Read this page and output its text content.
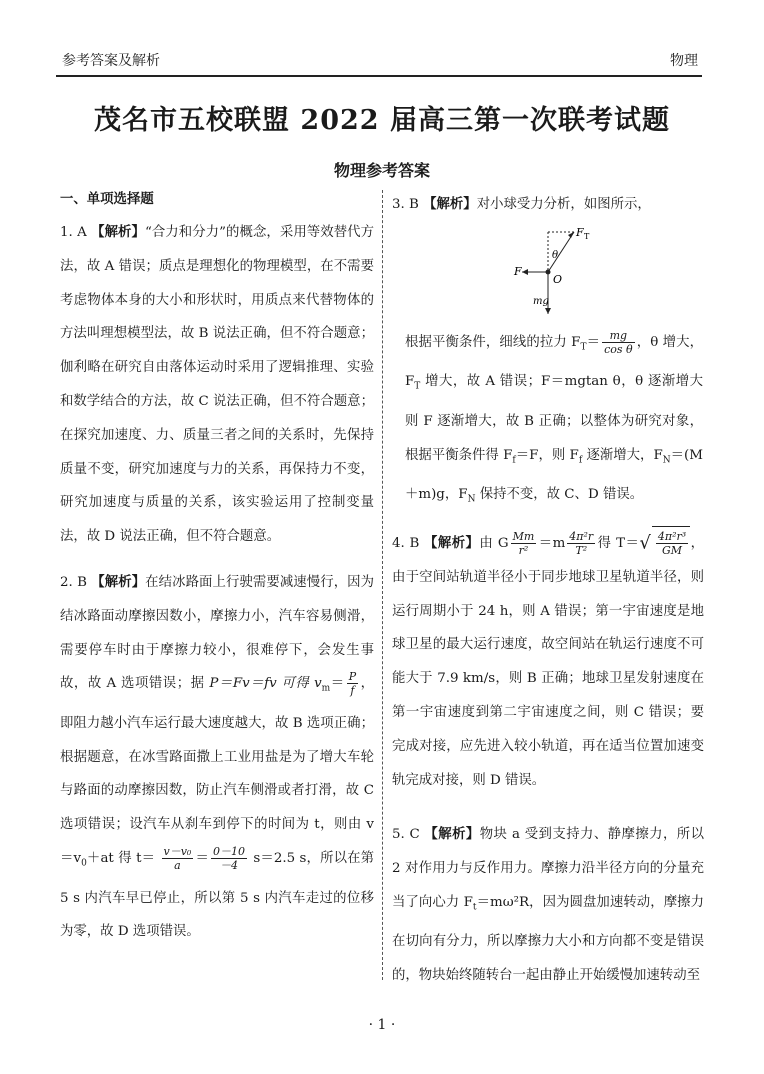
参考答案及解析	物理
茂名市五校联盟 2022 届高三第一次联考试题
物理参考答案
一、单项选择题
1. A 【解析】“合力和分力”的概念，采用等效替代方法，故 A 错误；质点是理想化的物理模型，在不需要考虑物体本身的大小和形状时，用质点来代替物体的方法叫理想模型法，故 B 说法正确，但不符合题意；伽利略在研究自由落体运动时采用了逻辑推理、实验和数学结合的方法，故 C 说法正确，但不符合题意；在探究加速度、力、质量三者之间的关系时，先保持质量不变，研究加速度与力的关系，再保持力不变，研究加速度与质量的关系，该实验运用了控制变量法，故 D 说法正确，但不符合题意。
2. B 【解析】在结冰路面上行驶需要减速慢行，因为结冰路面动摩擦因数小，摩擦力小，汽车容易侧滑，需要停车时由于摩擦力较小，很难停下，会发生事故，故 A 选项错误；据 P＝Fv＝fv 可得 $v_m= \frac{P}{f}$ ，即阻力越小汽车运行最大速度越大，故 B 选项正确；根据题意，在冰雪路面撒上工业用盐是为了增大车轮与路面的动摩擦因数，防止汽车侧滑或者打滑，故 C 选项错误；设汽车从刹车到停下的时间为 t，则由 $v=v_0+at$ 得 $t= \frac{\text{v－v₀}}{a} = \frac{0-10}{-4} s=2.5$ s，所以在第 5 s 内汽车早已停止，所以第 5 s 内汽车走过的位移为零，故 D 选项错误。
3. B 【解析】对小球受力分析，如图所示，
F T
θ
F
O
mg
根据平衡条件，细线的拉力 $F_T= \frac{mg}{\text{cos θ}}$ ，θ 增大，$F_T$ 增大，故 A 错误；F＝mgtan θ，θ 逐渐增大则 F 逐渐增大，故 B 正确；以整体为研究对象，根据平衡条件得 $F_f=F$，则 $F_f$ 逐渐增大，$F_N=(M+m)g$，$F_N$ 保持不变，故 C、D 错误。
4. B 【解析】由 G $\frac{Mm}{\text{r²}} =m \frac{\text{4π²r}}{\text{T²}}$ 得 $T=√ \frac{\text{4π²r³}}{GM}$ ，由于空间站轨道半径小于同步地球卫星轨道半径，则运行周期小于 24 h，则 A 错误；第一宇宙速度是地球卫星的最大运行速度，故空间站在轨运行速度不可能大于 7.9 km/s，则 B 正确；地球卫星发射速度在第一宇宙速度到第二宇宙速度之间，则 C 错误；要完成对接，应先进入较小轨道，再在适当位置加速变轨完成对接，则 D 错误。
5. C 【解析】物块 a 受到支持力、静摩擦力，所以 2 对作用力与反作用力。摩擦力沿半径方向的分量充当了向心力 $F_t=m\omega^2R$，因为圆盘加速转动，摩擦力在切向有分力，所以摩擦力大小和方向都不变是错误的，物块始终随转台一起由静止开始缓慢加速转动至
· 1 ·
